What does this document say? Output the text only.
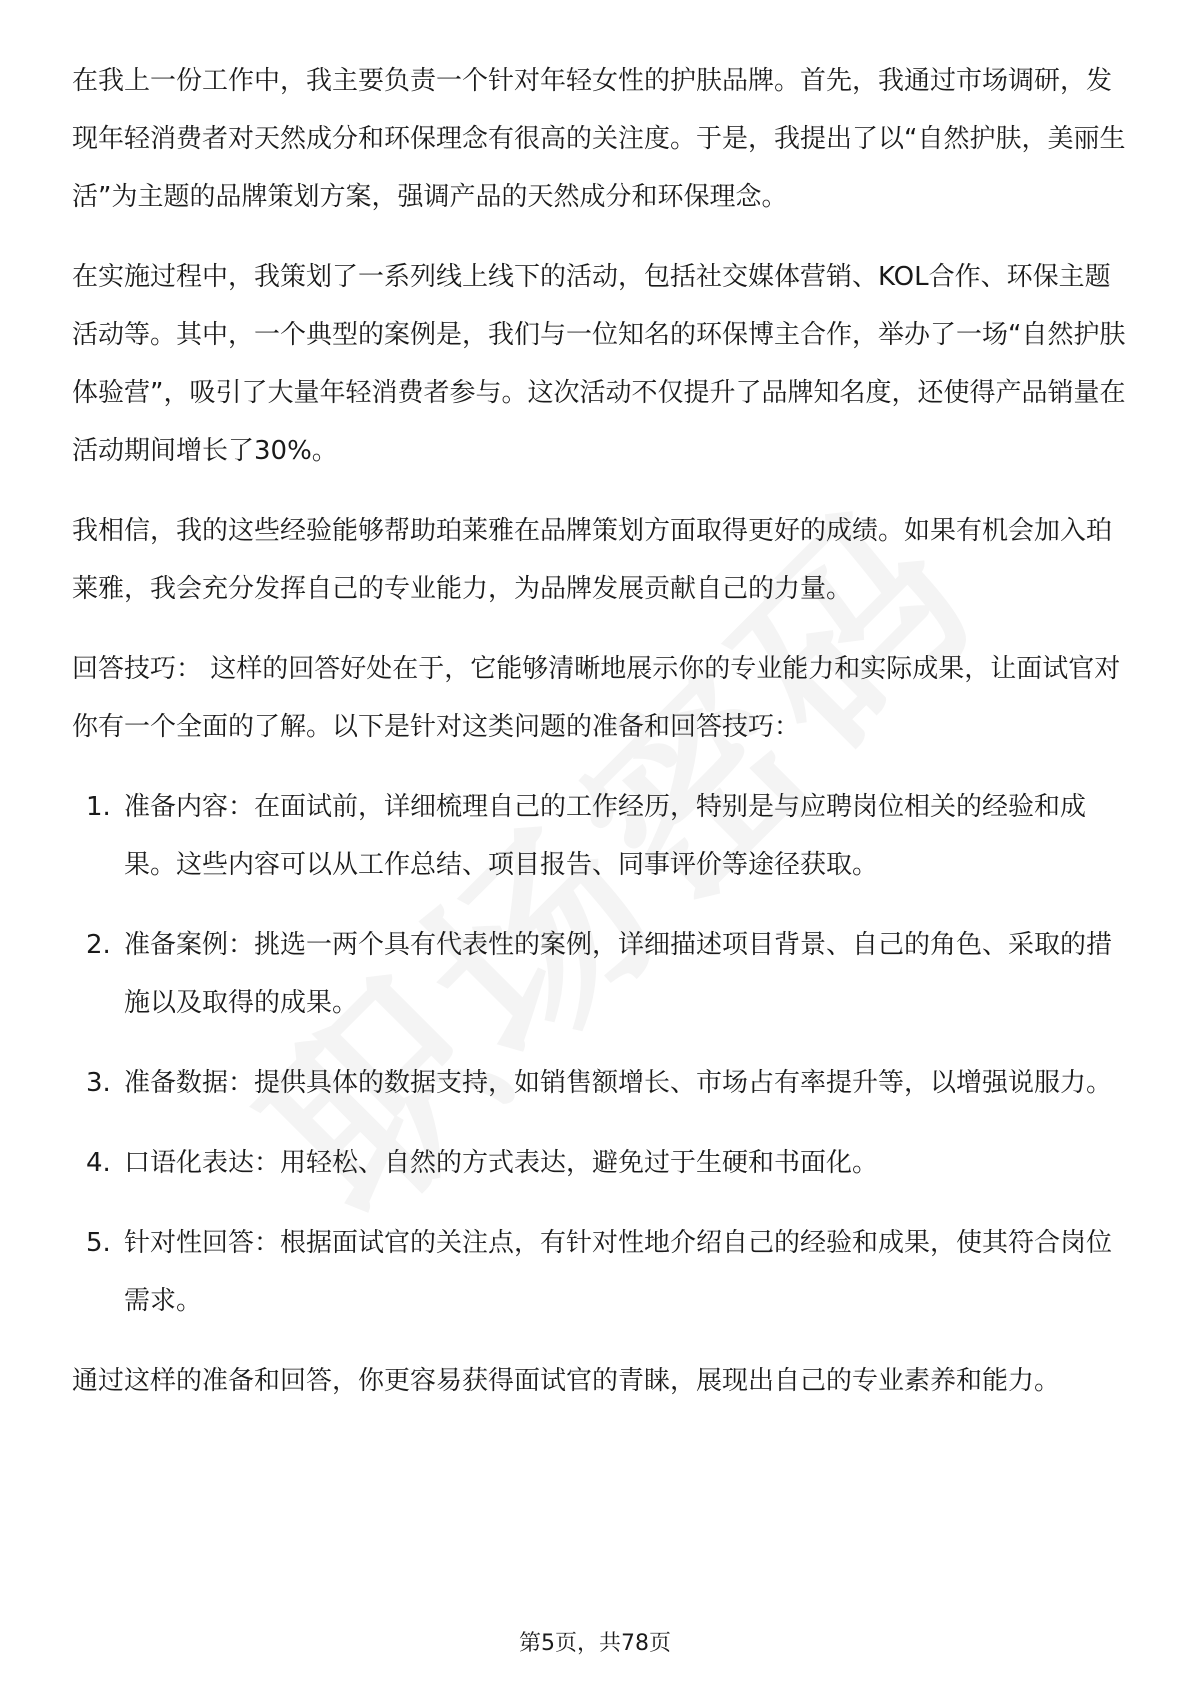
在我上一份工作中，我主要负责一个针对年轻女性的护肤品牌。首先，我通过市场调研，发现年轻消费者对天然成分和环保理念有很高的关注度。于是，我提出了以“自然护肤，美丽生活”为主题的品牌策划方案，强调产品的天然成分和环保理念。

在实施过程中，我策划了一系列线上线下的活动，包括社交媒体营销、KOL合作、环保主题活动等。其中，一个典型的案例是，我们与一位知名的环保博主合作，举办了一场“自然护肤体验营”，吸引了大量年轻消费者参与。这次活动不仅提升了品牌知名度，还使得产品销量在活动期间增长了30%。

我相信，我的这些经验能够帮助珀莱雅在品牌策划方面取得更好的成绩。如果有机会加入珀莱雅，我会充分发挥自己的专业能力，为品牌发展贡献自己的力量。

回答技巧： 这样的回答好处在于，它能够清晰地展示你的专业能力和实际成果，让面试官对你有一个全面的了解。以下是针对这类问题的准备和回答技巧：

1. 准备内容：在面试前，详细梳理自己的工作经历，特别是与应聘岗位相关的经验和成果。这些内容可以从工作总结、项目报告、同事评价等途径获取。
2. 准备案例：挑选一两个具有代表性的案例，详细描述项目背景、自己的角色、采取的措施以及取得的成果。
3. 准备数据：提供具体的数据支持，如销售额增长、市场占有率提升等，以增强说服力。
4. 口语化表达：用轻松、自然的方式表达，避免过于生硬和书面化。
5. 针对性回答：根据面试官的关注点，有针对性地介绍自己的经验和成果，使其符合岗位需求。

通过这样的准备和回答，你更容易获得面试官的青睐，展现出自己的专业素养和能力。

第5页，共78页
